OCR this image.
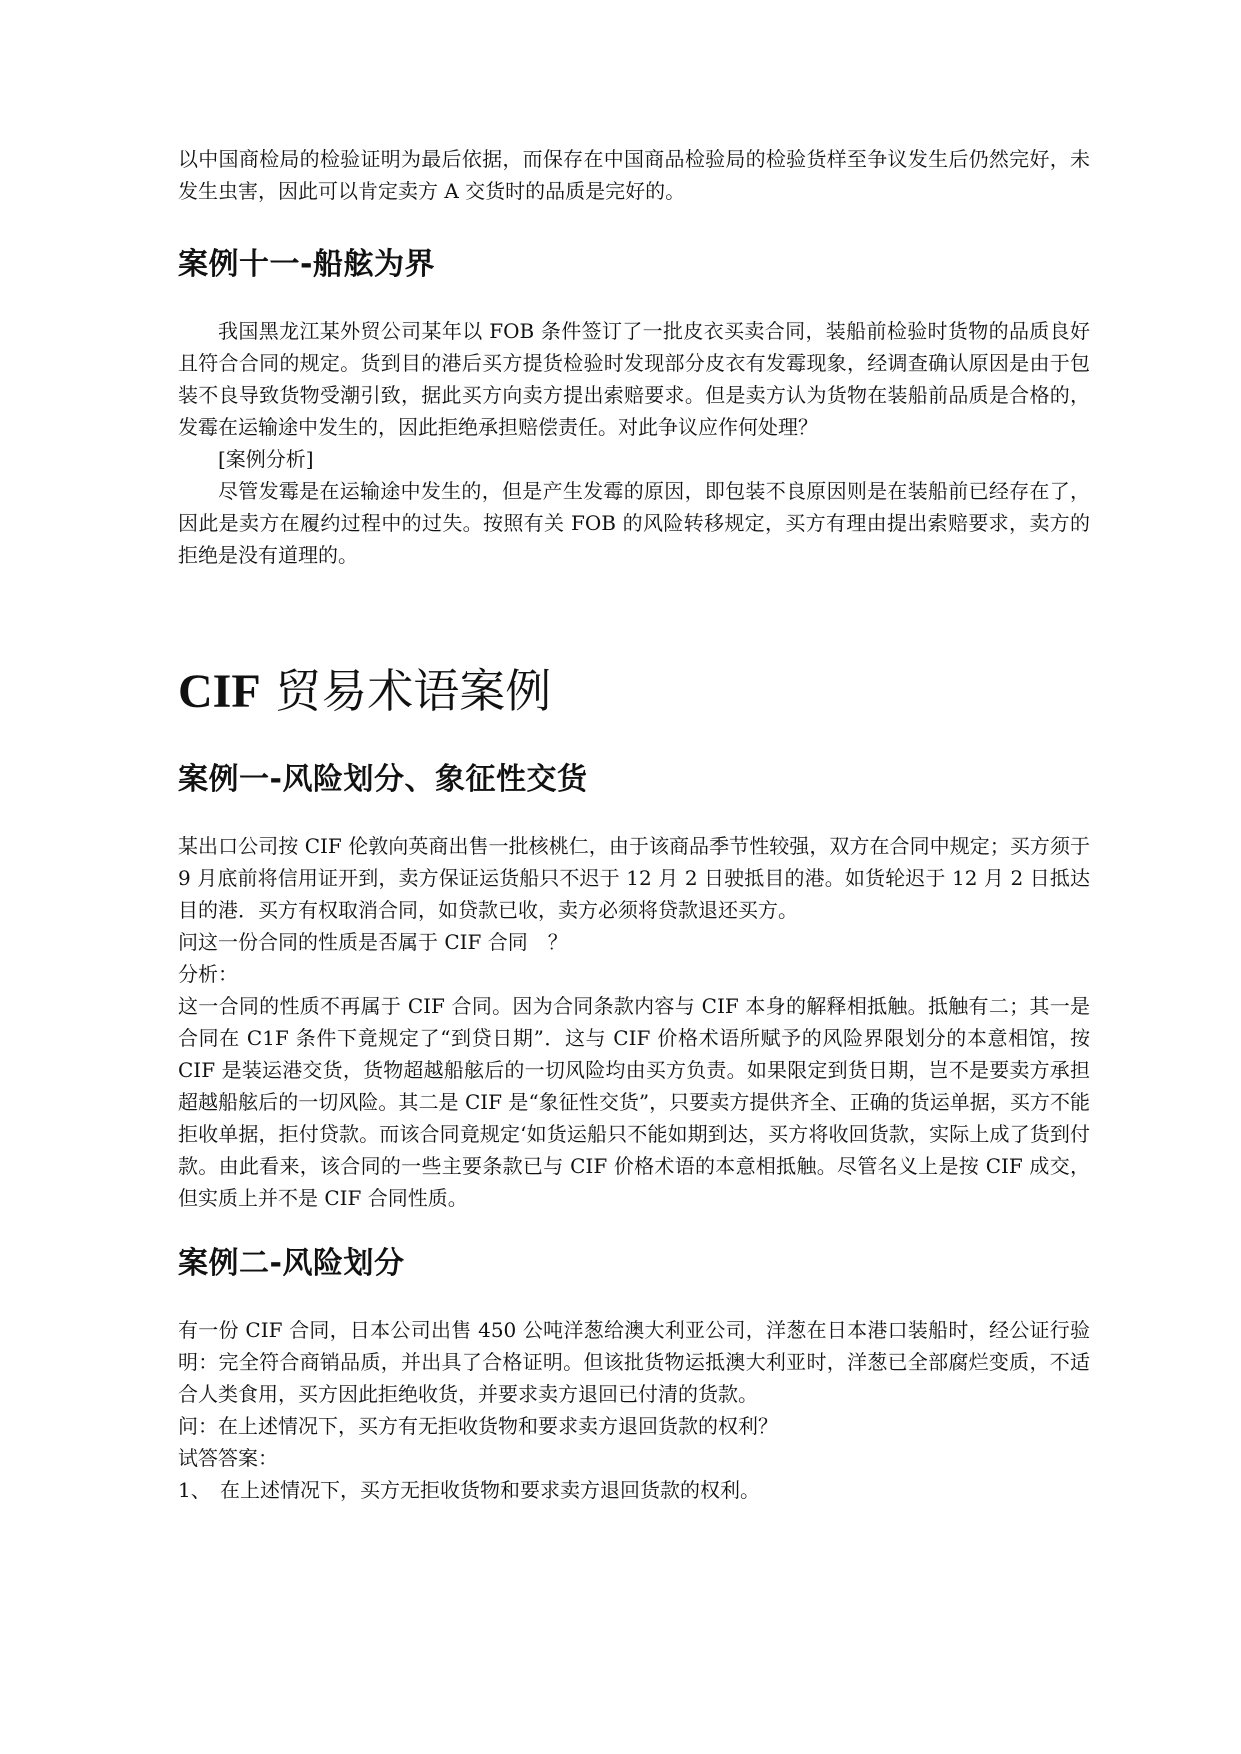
以中国商检局的检验证明为最后依据，而保存在中国商品检验局的检验货样至争议发生后仍然完好，未发生虫害，因此可以肯定卖方 A 交货时的品质是完好的。

案例十一-船舷为界

我国黑龙江某外贸公司某年以 FOB 条件签订了一批皮衣买卖合同，装船前检验时货物的品质良好且符合合同的规定。货到目的港后买方提货检验时发现部分皮衣有发霉现象，经调查确认原因是由于包装不良导致货物受潮引致，据此买方向卖方提出索赔要求。但是卖方认为货物在装船前品质是合格的，发霉在运输途中发生的，因此拒绝承担赔偿责任。对此争议应作何处理？

[案例分析]

尽管发霉是在运输途中发生的，但是产生发霉的原因，即包装不良原因则是在装船前已经存在了，因此是卖方在履约过程中的过失。按照有关 FOB 的风险转移规定，买方有理由提出索赔要求，卖方的拒绝是没有道理的。

CIF 贸易术语案例
案例一-风险划分、象征性交货

某出口公司按 CIF 伦敦向英商出售一批核桃仁，由于该商品季节性较强，双方在合同中规定；买方须于 9 月底前将信用证开到，卖方保证运货船只不迟于 12 月 2 日驶抵目的港。如货轮迟于 12 月 2 日抵达目的港．买方有权取消合同，如贷款已收，卖方必须将贷款退还买方。

问这一份合同的性质是否属于 CIF 合同　？

分析：

这一合同的性质不再属于 CIF 合同。因为合同条款内容与 CIF 本身的解释相抵触。抵触有二；其一是合同在 C1F 条件下竟规定了“到贷日期”．这与 CIF 价格术语所赋予的风险界限划分的本意相馆，按 CIF 是装运港交货，货物超越船舷后的一切风险均由买方负责。如果限定到货日期，岂不是要卖方承担超越船舷后的一切风险。其二是 CIF 是“象征性交货”，只要卖方提供齐全、正确的货运单据，买方不能拒收单据，拒付贷款。而该合同竟规定‘如货运船只不能如期到达，买方将收回货款，实际上成了货到付款。由此看来，该合同的一些主要条款已与 CIF 价格术语的本意相抵触。尽管名义上是按 CIF 成交，但实质上并不是 CIF 合同性质。

案例二-风险划分

有一份 CIF 合同，日本公司出售 450 公吨洋葱给澳大利亚公司，洋葱在日本港口装船时，经公证行验明：完全符合商销品质，并出具了合格证明。但该批货物运抵澳大利亚时，洋葱已全部腐烂变质，不适合人类食用，买方因此拒绝收货，并要求卖方退回已付清的货款。

问：在上述情况下，买方有无拒收货物和要求卖方退回货款的权利？

试答答案：

1、 在上述情况下，买方无拒收货物和要求卖方退回货款的权利。
